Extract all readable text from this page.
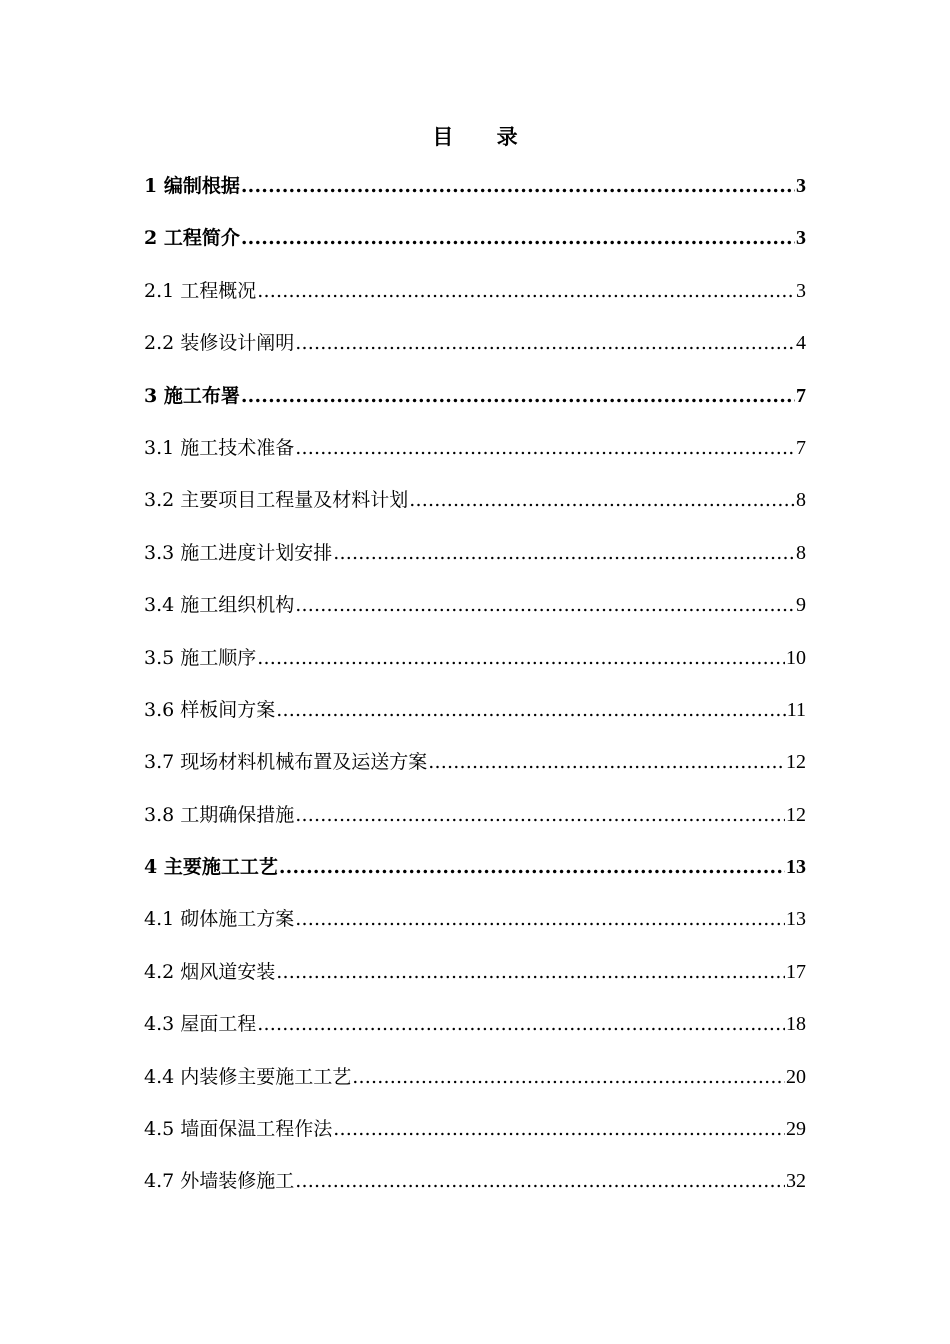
目 录
1 编制根据 .....	3
2 工程简介 .....	3
2.1 工程概况 .....	3
2.2 装修设计阐明 .....	4
3 施工布署 .....	7
3.1 施工技术准备 .....	7
3.2 主要项目工程量及材料计划 .....	8
3.3 施工进度计划安排 .....	8
3.4 施工组织机构 .....	9
3.5 施工顺序 .....	10
3.6 样板间方案 .....	11
3.7 现场材料机械布置及运送方案 .....	12
3.8 工期确保措施 .....	12
4 主要施工工艺 .....	13
4.1 砌体施工方案 .....	13
4.2 烟风道安装 .....	17
4.3 屋面工程 .....	18
4.4 内装修主要施工工艺 .....	20
4.5 墙面保温工程作法 .....	29
4.7 外墙装修施工 .....	32
